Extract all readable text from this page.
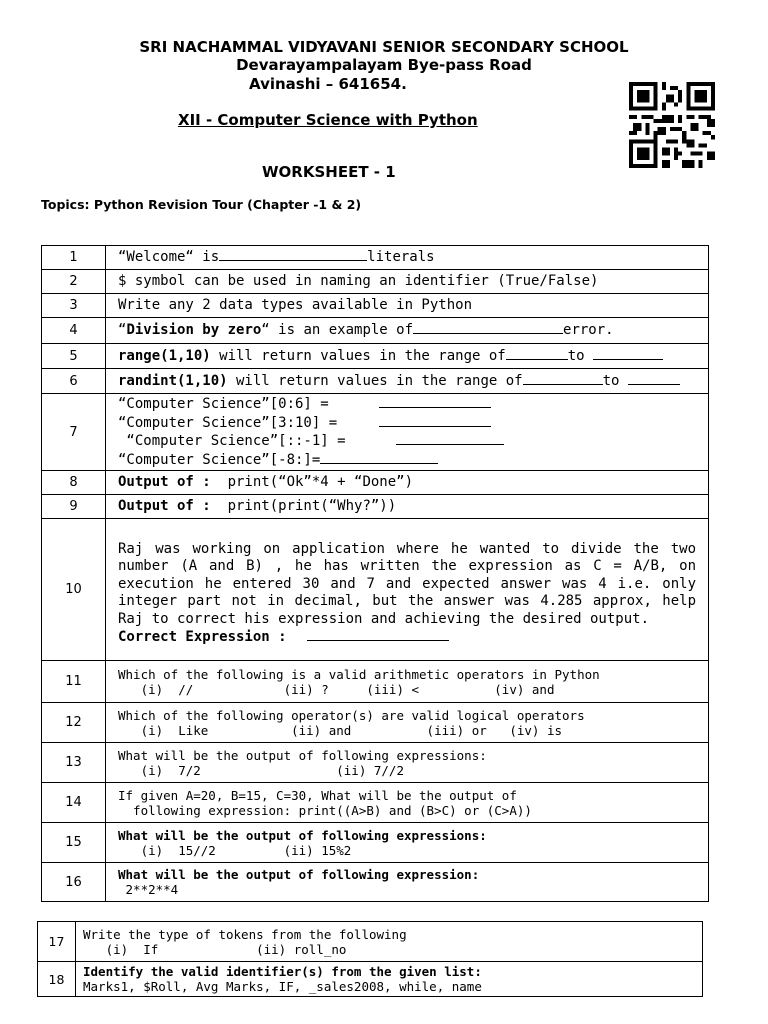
SRI NACHAMMAL VIDYAVANI SENIOR SECONDARY SCHOOL
Devarayampalayam Bye-pass Road
Avinashi – 641654.
XII - Computer Science with Python
WORKSHEET - 1
Topics: Python Revision Tour (Chapter -1 & 2)
1	“Welcome“ is literals
2	$ symbol can be used in naming an identifier (True/False)
3	Write any 2 data types available in Python
4	“Division by zero“ is an example of error.
5	range(1,10) will return values in the range of to
6	randint(1,10) will return values in the range of to
7	“Computer Science”[0:6] =
“Computer Science”[3:10] =
“Computer Science”[::-1] =
“Computer Science”[-8:]=
8	Output of : print(“Ok”*4 + “Done”)
9	Output of : print(print(“Why?”))
10	Raj was working on application where he wanted to divide the two number (A and B) , he has written the expression as C = A/B, on execution he entered 30 and 7 and expected answer was 4 i.e. only integer part not in decimal, but the answer was 4.285 approx, help Raj to correct his expression and achieving the desired output.
Correct Expression :

11	Which of the following is a valid arithmetic operators in Python
(i)  //            (ii) ?     (iii) <          (iv) and
12	Which of the following operator(s) are valid logical operators
(i)  Like           (ii) and          (iii) or   (iv) is
13	What will be the output of following expressions:
(i)  7/2                  (ii) 7//2
14	If given A=20, B=15, C=30, What will be the output of
following expression: print((A>B) and (B>C) or (C>A))
15	What will be the output of following expressions:
(i)  15//2         (ii) 15%2
16	What will be the output of following expression:
2**2**4
17	Write the type of tokens from the following
(i)  If             (ii) roll_no
18	Identify the valid identifier(s) from the given list:
Marks1, $Roll, Avg Marks, IF, _sales2008, while, name
